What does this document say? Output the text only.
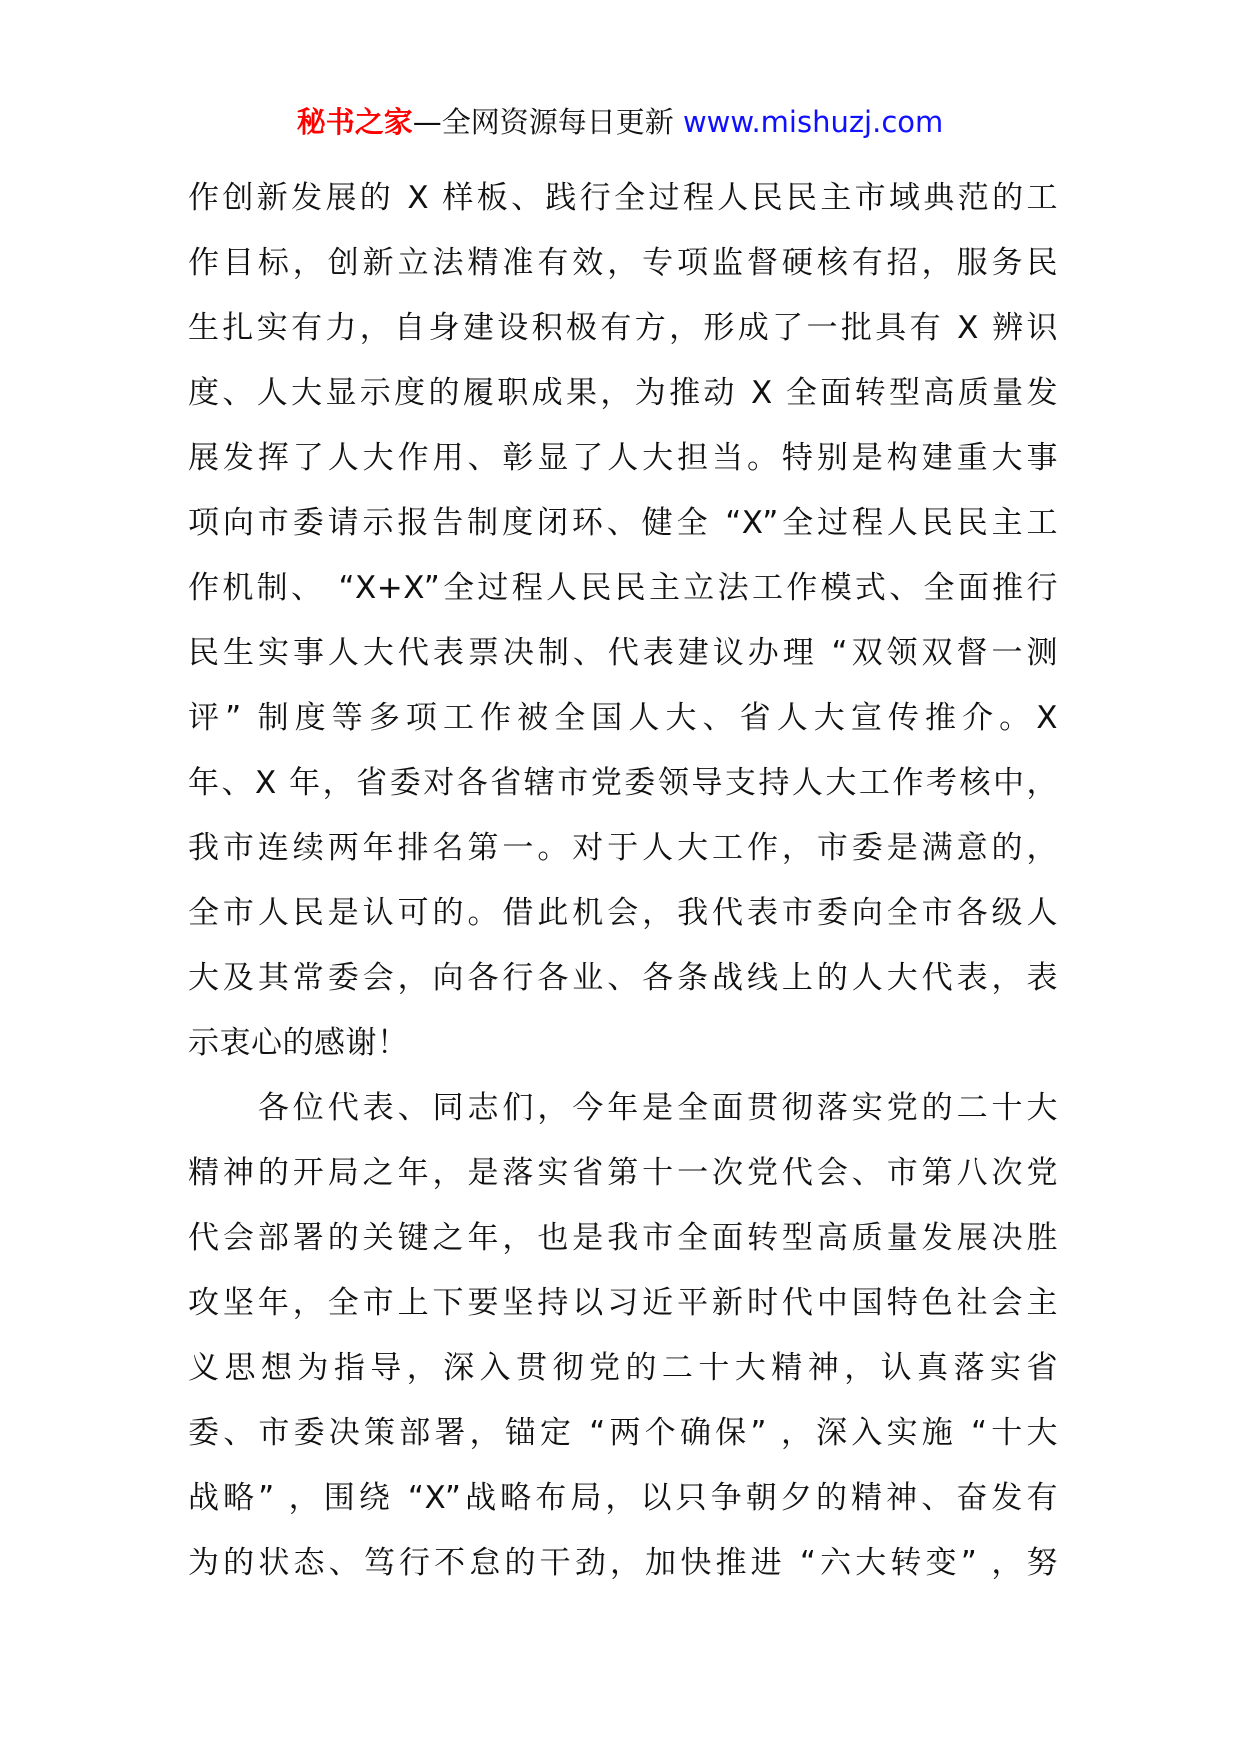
秘书之家—全网资源每日更新 www.mishuzj.com
作创新发展的 X 样板、践行全过程人民民主市域典范的工
作目标，创新立法精准有效，专项监督硬核有招，服务民
生扎实有力，自身建设积极有方，形成了一批具有 X 辨识
度、人大显示度的履职成果，为推动 X 全面转型高质量发
展发挥了人大作用、彰显了人大担当。特别是构建重大事
项向市委请示报告制度闭环、健全 “X”全过程人民民主工
作机制、 “X+X”全过程人民民主立法工作模式、全面推行
民生实事人大代表票决制、代表建议办理 “双领双督一测
评” 制度等多项工作被全国人大、省人大宣传推介。X
年、X 年，省委对各省辖市党委领导支持人大工作考核中，
我市连续两年排名第一。对于人大工作，市委是满意的，
全市人民是认可的。借此机会，我代表市委向全市各级人
大及其常委会，向各行各业、各条战线上的人大代表，表
示衷心的感谢！
　　各位代表、同志们，今年是全面贯彻落实党的二十大
精神的开局之年，是落实省第十一次党代会、市第八次党
代会部署的关键之年，也是我市全面转型高质量发展决胜
攻坚年，全市上下要坚持以习近平新时代中国特色社会主
义思想为指导，深入贯彻党的二十大精神，认真落实省
委、市委决策部署，锚定 “两个确保” ，深入实施 “十大
战略” ，围绕 “X”战略布局，以只争朝夕的精神、奋发有
为的状态、笃行不怠的干劲，加快推进 “六大转变” ，努
